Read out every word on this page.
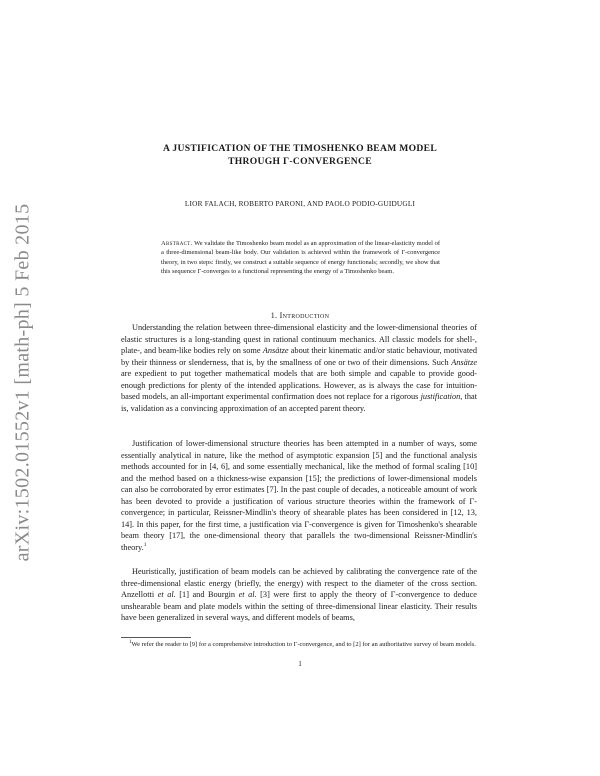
arXiv:1502.01552v1 [math-ph] 5 Feb 2015
A JUSTIFICATION OF THE TIMOSHENKO BEAM MODEL
THROUGH Γ-CONVERGENCE
LIOR FALACH, ROBERTO PARONI, AND PAOLO PODIO-GUIDUGLI
Abstract. We validate the Timoshenko beam model as an approximation of the linear-elasticity model of a three-dimensional beam-like body. Our validation is achieved within the framework of Γ-convergence theory, in two steps: firstly, we construct a suitable sequence of energy functionals; secondly, we show that this sequence Γ-converges to a functional representing the energy of a Timoshenko beam.
1. Introduction

Understanding the relation between three-dimensional elasticity and the lower-dimensional theories of elastic structures is a long-standing quest in rational continuum mechanics. All classic models for shell-, plate-, and beam-like bodies rely on some Ansätze about their kinematic and/or static behaviour, motivated by their thinness or slenderness, that is, by the smallness of one or two of their dimensions. Such Ansätze are expedient to put together mathematical models that are both simple and capable to provide good-enough predictions for plenty of the intended applications. However, as is always the case for intuition-based models, an all-important experimental confirmation does not replace for a rigorous justification, that is, validation as a convincing approximation of an accepted parent theory.

Justification of lower-dimensional structure theories has been attempted in a number of ways, some essentially analytical in nature, like the method of asymptotic expansion [5] and the functional analysis methods accounted for in [4, 6], and some essentially mechanical, like the method of formal scaling [10] and the method based on a thickness-wise expansion [15]; the predictions of lower-dimensional models can also be corroborated by error estimates [7]. In the past couple of decades, a noticeable amount of work has been devoted to provide a justification of various structure theories within the framework of Γ-convergence; in particular, Reissner-Mindlin's theory of shearable plates has been considered in [12, 13, 14]. In this paper, for the first time, a justification via Γ-convergence is given for Timoshenko's shearable beam theory [17], the one-dimensional theory that parallels the two-dimensional Reissner-Mindlin's theory.$^1$

Heuristically, justification of beam models can be achieved by calibrating the convergence rate of the three-dimensional elastic energy (briefly, the energy) with respect to the diameter of the cross section. Anzellotti et al. [1] and Bourgin et al. [3] were first to apply the theory of Γ-convergence to deduce unshearable beam and plate models within the setting of three-dimensional linear elasticity. Their results have been generalized in several ways, and different models of beams,

$^1$We refer the reader to [9] for a comprehensive introduction to Γ-convergence, and to [2] for an authoritative survey of beam models.
1
